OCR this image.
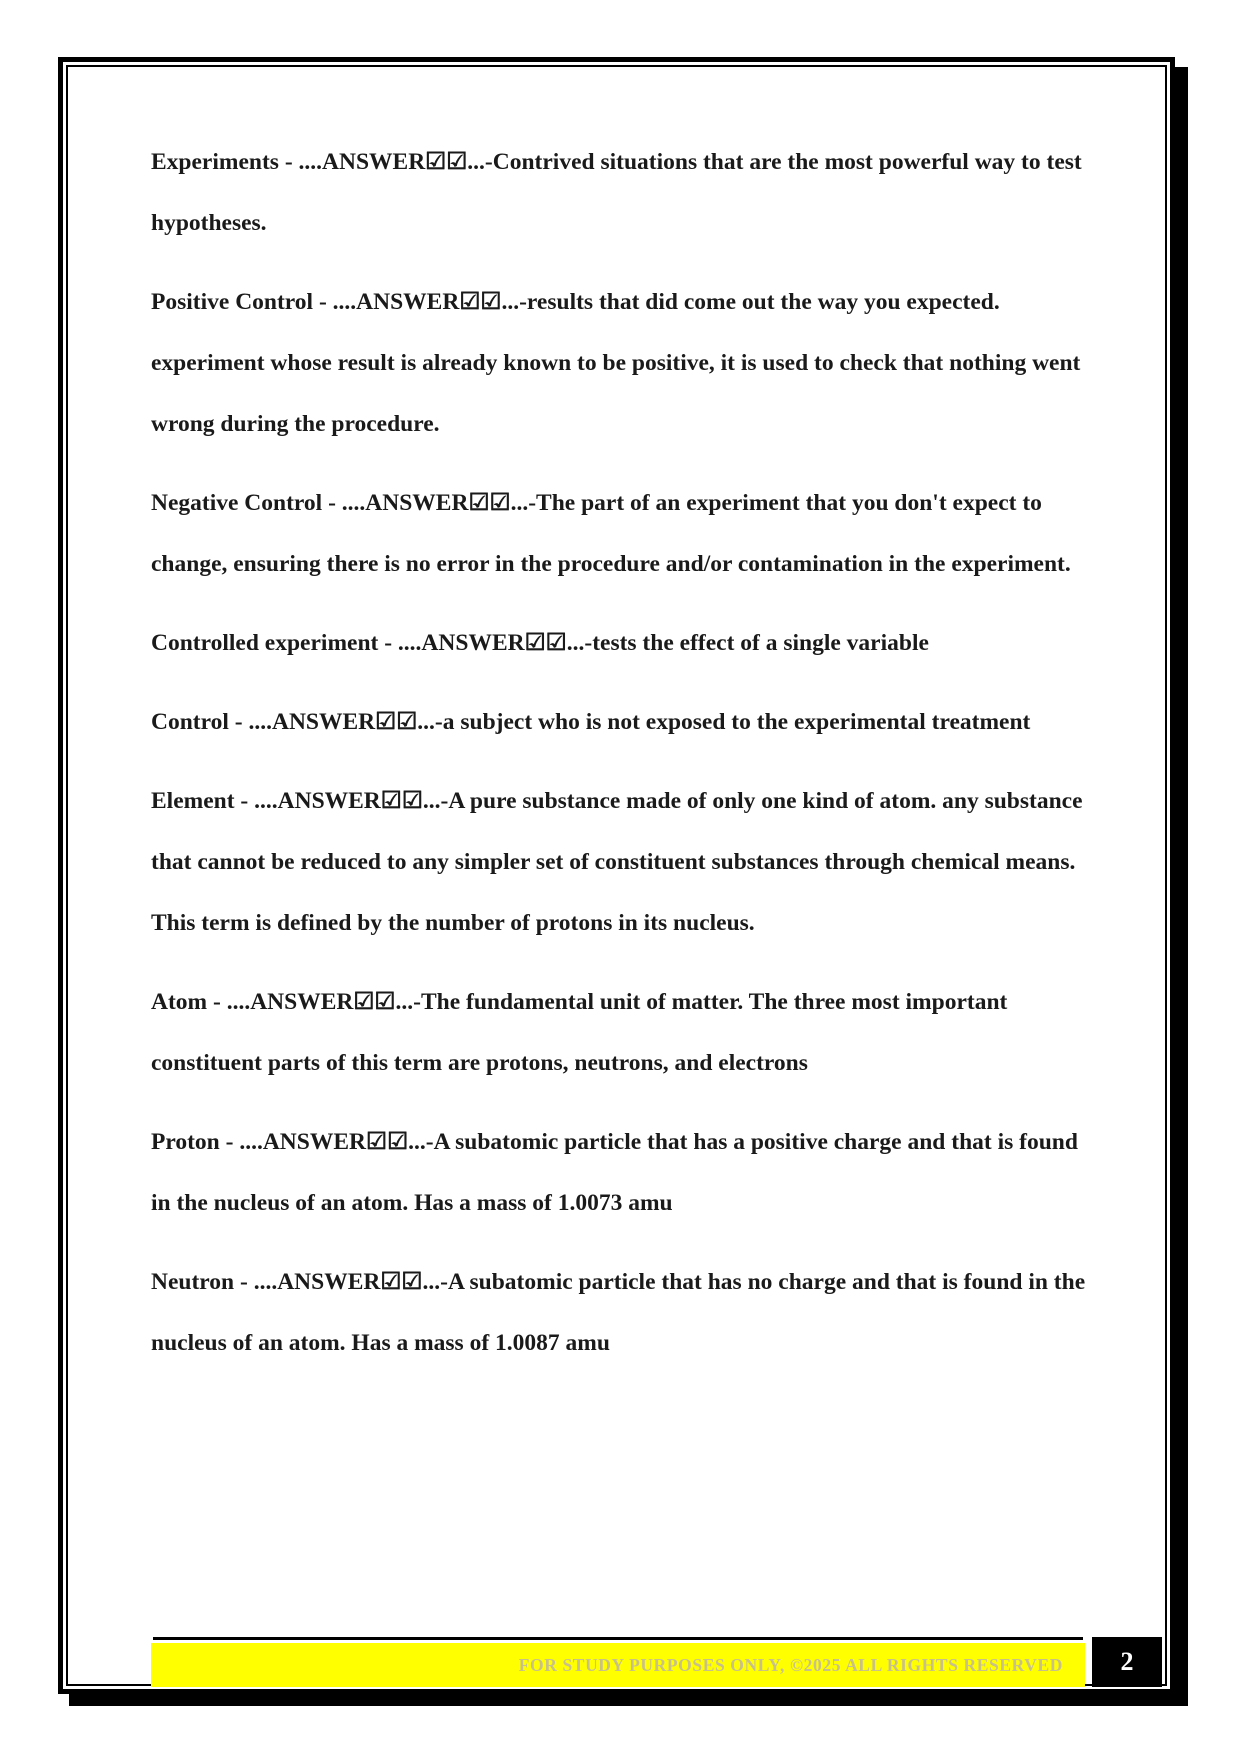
Experiments - ....ANSWER☑☑...-Contrived situations that are the most powerful way to test hypotheses.

Positive Control - ....ANSWER☑☑...-results that did come out the way you expected. experiment whose result is already known to be positive, it is used to check that nothing went wrong during the procedure.

Negative Control - ....ANSWER☑☑...-The part of an experiment that you don't expect to change, ensuring there is no error in the procedure and/or contamination in the experiment.

Controlled experiment - ....ANSWER☑☑...-tests the effect of a single variable

Control - ....ANSWER☑☑...-a subject who is not exposed to the experimental treatment

Element - ....ANSWER☑☑...-A pure substance made of only one kind of atom. any substance that cannot be reduced to any simpler set of constituent substances through chemical means. This term is defined by the number of protons in its nucleus.

Atom - ....ANSWER☑☑...-The fundamental unit of matter. The three most important constituent parts of this term are protons, neutrons, and electrons

Proton - ....ANSWER☑☑...-A subatomic particle that has a positive charge and that is found in the nucleus of an atom. Has a mass of 1.0073 amu

Neutron - ....ANSWER☑☑...-A subatomic particle that has no charge and that is found in the nucleus of an atom. Has a mass of 1.0087 amu

FOR STUDY PURPOSES ONLY, ©2025 ALL RIGHTS RESERVED	2
